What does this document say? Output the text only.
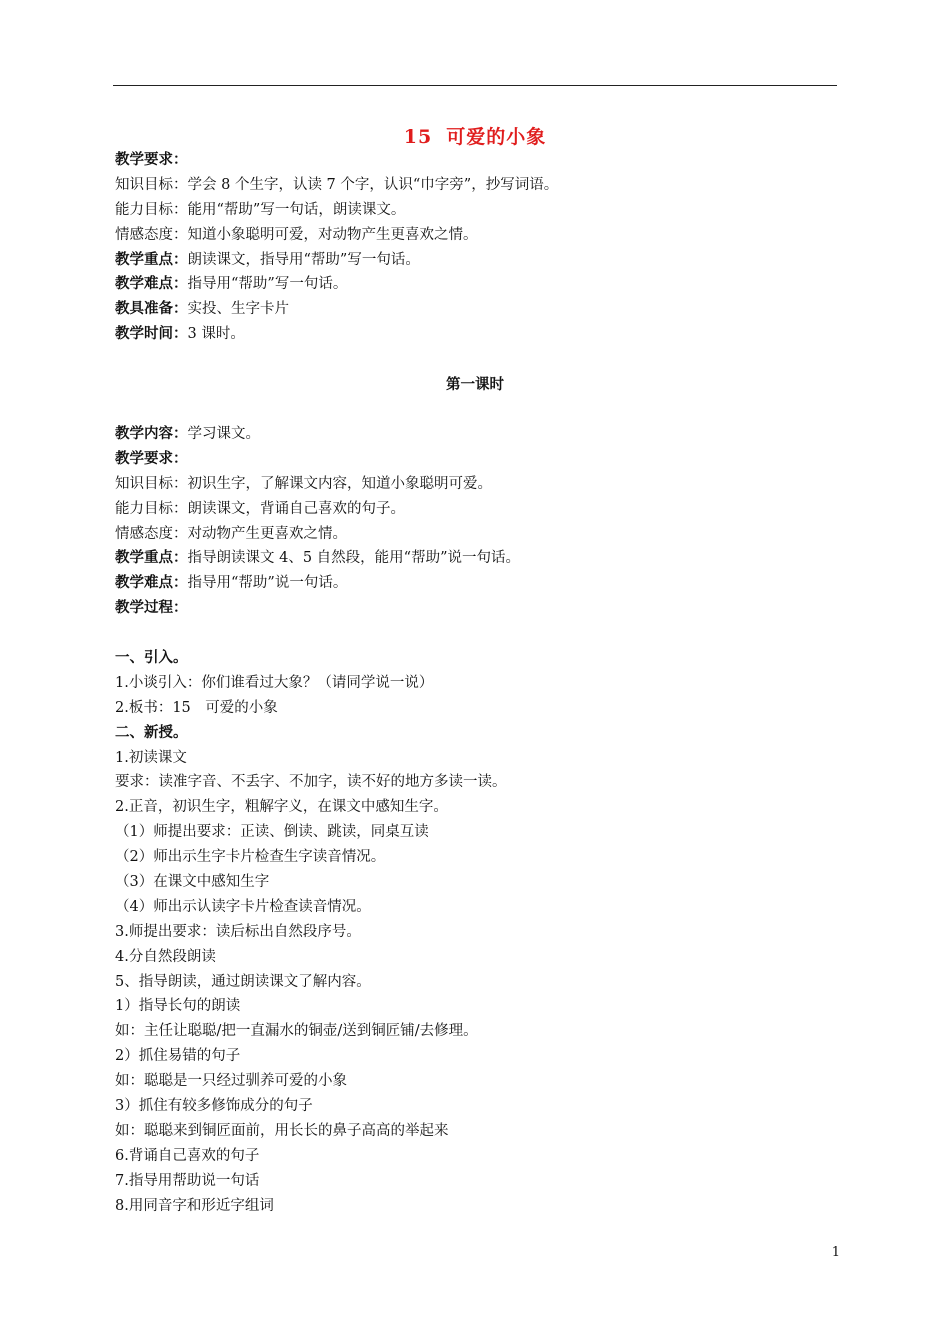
15 可爱的小象
教学要求：
知识目标：学会 8 个生字，认读 7 个字，认识“巾字旁”，抄写词语。
能力目标：能用“帮助”写一句话，朗读课文。
情感态度：知道小象聪明可爱，对动物产生更喜欢之情。
教学重点：朗读课文，指导用“帮助”写一句话。
教学难点：指导用“帮助”写一句话。
教具准备：实投、生字卡片
教学时间：3 课时。
第一课时
教学内容：学习课文。
教学要求：
知识目标：初识生字，了解课文内容，知道小象聪明可爱。
能力目标：朗读课文，背诵自己喜欢的句子。
情感态度：对动物产生更喜欢之情。
教学重点：指导朗读课文 4、5 自然段，能用“帮助”说一句话。
教学难点：指导用“帮助”说一句话。
教学过程：
一、引入。
1.小谈引入：你们谁看过大象？（请同学说一说）
2.板书：15　可爱的小象
二、新授。
1.初读课文
要求：读准字音、不丢字、不加字，读不好的地方多读一读。
2.正音，初识生字，粗解字义，在课文中感知生字。
（1）师提出要求：正读、倒读、跳读，同桌互读
（2）师出示生字卡片检查生字读音情况。
（3）在课文中感知生字
（4）师出示认读字卡片检查读音情况。
3.师提出要求：读后标出自然段序号。
4.分自然段朗读
5、指导朗读，通过朗读课文了解内容。
1）指导长句的朗读
如：主任让聪聪/把一直漏水的铜壶/送到铜匠铺/去修理。
2）抓住易错的句子
如：聪聪是一只经过驯养可爱的小象
3）抓住有较多修饰成分的句子
如：聪聪来到铜匠面前，用长长的鼻子高高的举起来
6.背诵自己喜欢的句子
7.指导用帮助说一句话
8.用同音字和形近字组词
1
